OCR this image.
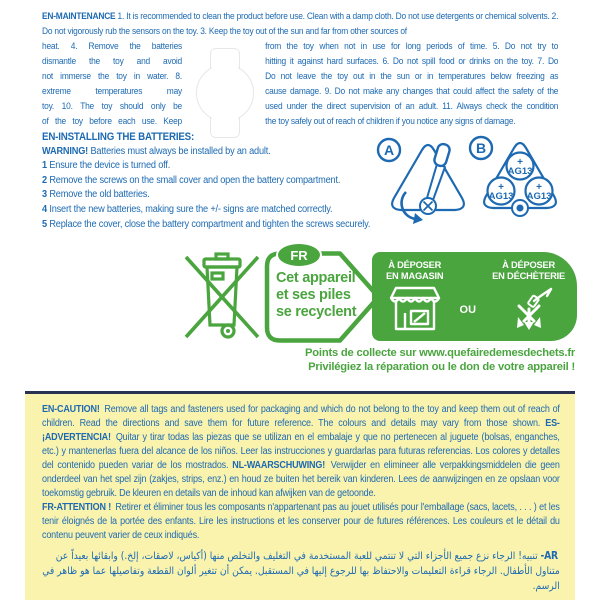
EN-MAINTENANCE 1. It is recommended to clean the product before use. Clean with a damp cloth. Do not use detergents or chemical solvents. 2. Do not vigorously rub the sensors on the toy. 3. Keep the toy out of the sun and far from other sources of
heat. 4. Remove the batteries	from the toy when not in use for long periods of time. 5. Do not try to
dismantle the toy and avoid	hitting it against hard surfaces. 6. Do not spill food or drinks on the toy. 7. Do
not immerse the toy in water. 8.	Do not leave the toy out in the sun or in temperatures below freezing as
extreme temperatures may	cause damage. 9. Do not make any changes that could affect the safety of the
toy. 10. The toy should only be	used under the direct supervision of an adult. 11. Always check the condition
of the toy before each use. Keep	the toy safely out of reach of children if you notice any signs of damage.
EN-INSTALLING THE BATTERIES:
WARNING! Batteries must always be installed by an adult.
1 Ensure the device is turned off.
2 Remove the screws on the small cover and open the battery compartment.
3 Remove the old batteries.
4 Insert the new batteries, making sure the +/- signs are matched correctly.
5 Replace the cover, close the battery compartment and tighten the screws securely.
A	B
+
AG13
+
AG13
+
AG13
Cet appareil
et ses piles
se recyclent
FR
À DÉPOSER
EN MAGASIN
OU
À DÉPOSER
EN DÉCHÈTERIE
Points de collecte sur www.quefairedemesdechets.fr
Privilégiez la réparation ou le don de votre appareil !
EN-CAUTION! Remove all tags and fasteners used for packaging and which do not belong to the toy and keep them out of reach of children. Read the directions and save them for future reference. The colours and details may vary from those shown. ES-¡ADVERTENCIA! Quitar y tirar todas las piezas que se utilizan en el embalaje y que no pertenecen al juguete (bolsas, enganches, etc.) y mantenerlas fuera del alcance de los niños. Leer las instrucciones y guardarlas para futuras referencias. Los colores y detalles del contenido pueden variar de los mostrados. NL-WAARSCHUWING! Verwijder en elimineer alle verpakkingsmiddelen die geen onderdeel van het spel zijn (zakjes, strips, enz.) en houd ze buiten het bereik van kinderen. Lees de aanwijzingen en ze opslaan voor toekomstig gebruik. De kleuren en details van de inhoud kan afwijken van de getoonde.
FR-ATTENTION ! Retirer et éliminer tous les composants n'appartenant pas au jouet utilisés pour l'emballage (sacs, lacets, . . . ) et les tenir éloignés de la portée des enfants. Lire les instructions et les conserver pour de futures références. Les couleurs et le détail du contenu peuvent varier de ceux indiqués.
AR- تنبيه! الرجاء نزع جميع الأجزاء التي لا تنتمي للعبة المستخدمة في التغليف والتخلص منها (أكياس، لاصقات، إلخ.) وابقائها بعيداً عن متناول الأطفال. الرجاء قراءة التعليمات والاحتفاظ بها للرجوع إليها في المستقبل. يمكن أن تتغير ألوان القطعة وتفاصيلها عما هو ظاهر في الرسم.
